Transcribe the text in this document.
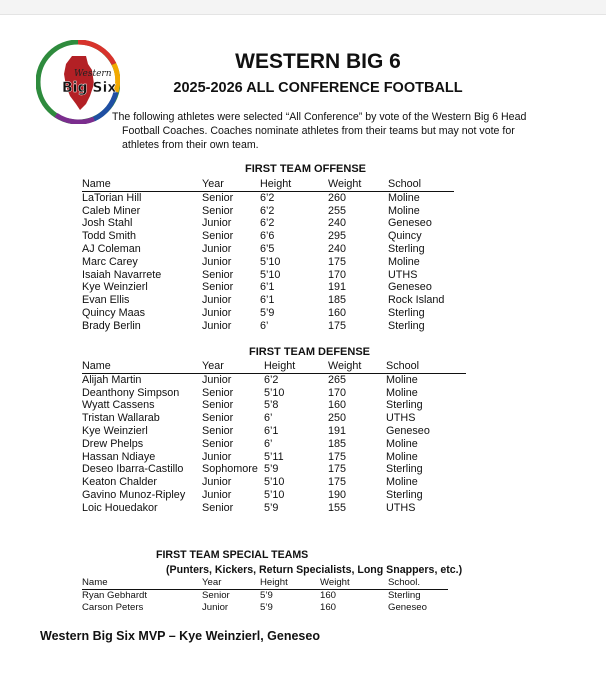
Western
Big Six
WESTERN BIG 6
2025-2026 ALL CONFERENCE FOOTBALL
The following athletes were selected “All Conference” by vote of the Western Big 6 Head
Football Coaches. Coaches nominate athletes from their teams but may not vote for
athletes from their own team.
FIRST TEAM OFFENSE
Name	Year	Height	Weight	School
LaTorian Hill	Senior	6’2	260	Moline
Caleb Miner	Senior	6’2	255	Moline
Josh Stahl	Junior	6’2	240	Geneseo
Todd Smith	Senior	6’6	295	Quincy
AJ Coleman	Junior	6’5	240	Sterling
Marc Carey	Junior	5’10	175	Moline
Isaiah Navarrete	Senior	5’10	170	UTHS
Kye Weinzierl	Senior	6’1	191	Geneseo
Evan Ellis	Junior	6’1	185	Rock Island
Quincy Maas	Junior	5’9	160	Sterling
Brady Berlin	Junior	6’	175	Sterling
FIRST TEAM DEFENSE
Name	Year	Height	Weight	School
Alijah Martin	Junior	6’2	265	Moline
Deanthony Simpson	Senior	5’10	170	Moline
Wyatt Cassens	Senior	5’8	160	Sterling
Tristan Wallarab	Senior	6’	250	UTHS
Kye Weinzierl	Senior	6’1	191	Geneseo
Drew Phelps	Senior	6’	185	Moline
Hassan Ndiaye	Junior	5’11	175	Moline
Deseo Ibarra-Castillo	Sophomore	5’9	175	Sterling
Keaton Chalder	Junior	5’10	175	Moline
Gavino Munoz-Ripley	Junior	5’10	190	Sterling
Loic Houedakor	Senior	5’9	155	UTHS
FIRST TEAM SPECIAL TEAMS
(Punters, Kickers, Return Specialists, Long Snappers, etc.)
Name	Year	Height	Weight	School.
Ryan Gebhardt	Senior	5’9	160	Sterling
Carson Peters	Junior	5’9	160	Geneseo
Western Big Six MVP – Kye Weinzierl, Geneseo
